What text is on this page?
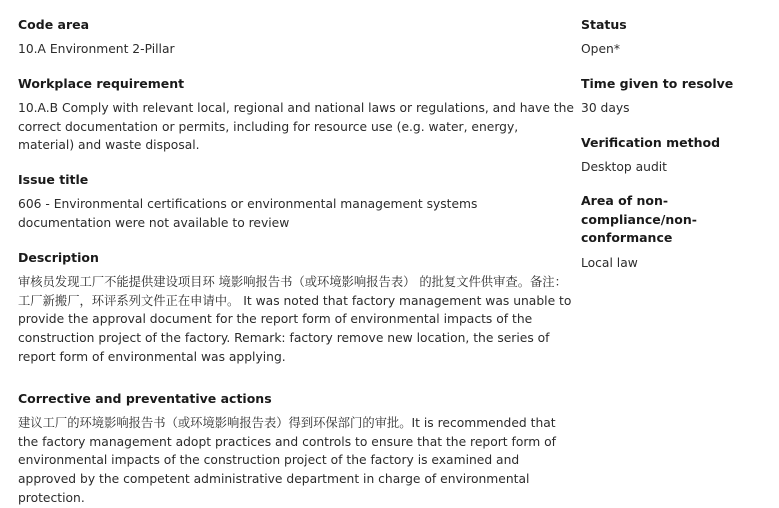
Code area

10.A Environment 2-Pillar

Workplace requirement

10.A.B Comply with relevant local, regional and national laws or regulations, and have the correct documentation or permits, including for resource use (e.g. water, energy, material) and waste disposal.

Issue title

606 - Environmental certifications or environmental management systems documentation were not available to review

Description

审核员发现工厂不能提供建设项目环 境影响报告书（或环境影响报告表） 的批复文件供审查。备注：工厂新搬厂，环评系列文件正在申请中。 It was noted that factory management was unable to provide the approval document for the report form of environmental impacts of the construction project of the factory. Remark: factory remove new location, the series of report form of environmental was applying.

Corrective and preventative actions

建议工厂的环境影响报告书（或环境影响报告表）得到环保部门的审批。It is recommended that the factory management adopt practices and controls to ensure that the report form of environmental impacts of the construction project of the factory is examined and approved by the competent administrative department in charge of environmental protection.

Status

Open*

Time given to resolve

30 days

Verification method

Desktop audit

Area of non-compliance/non-conformance

Local law
